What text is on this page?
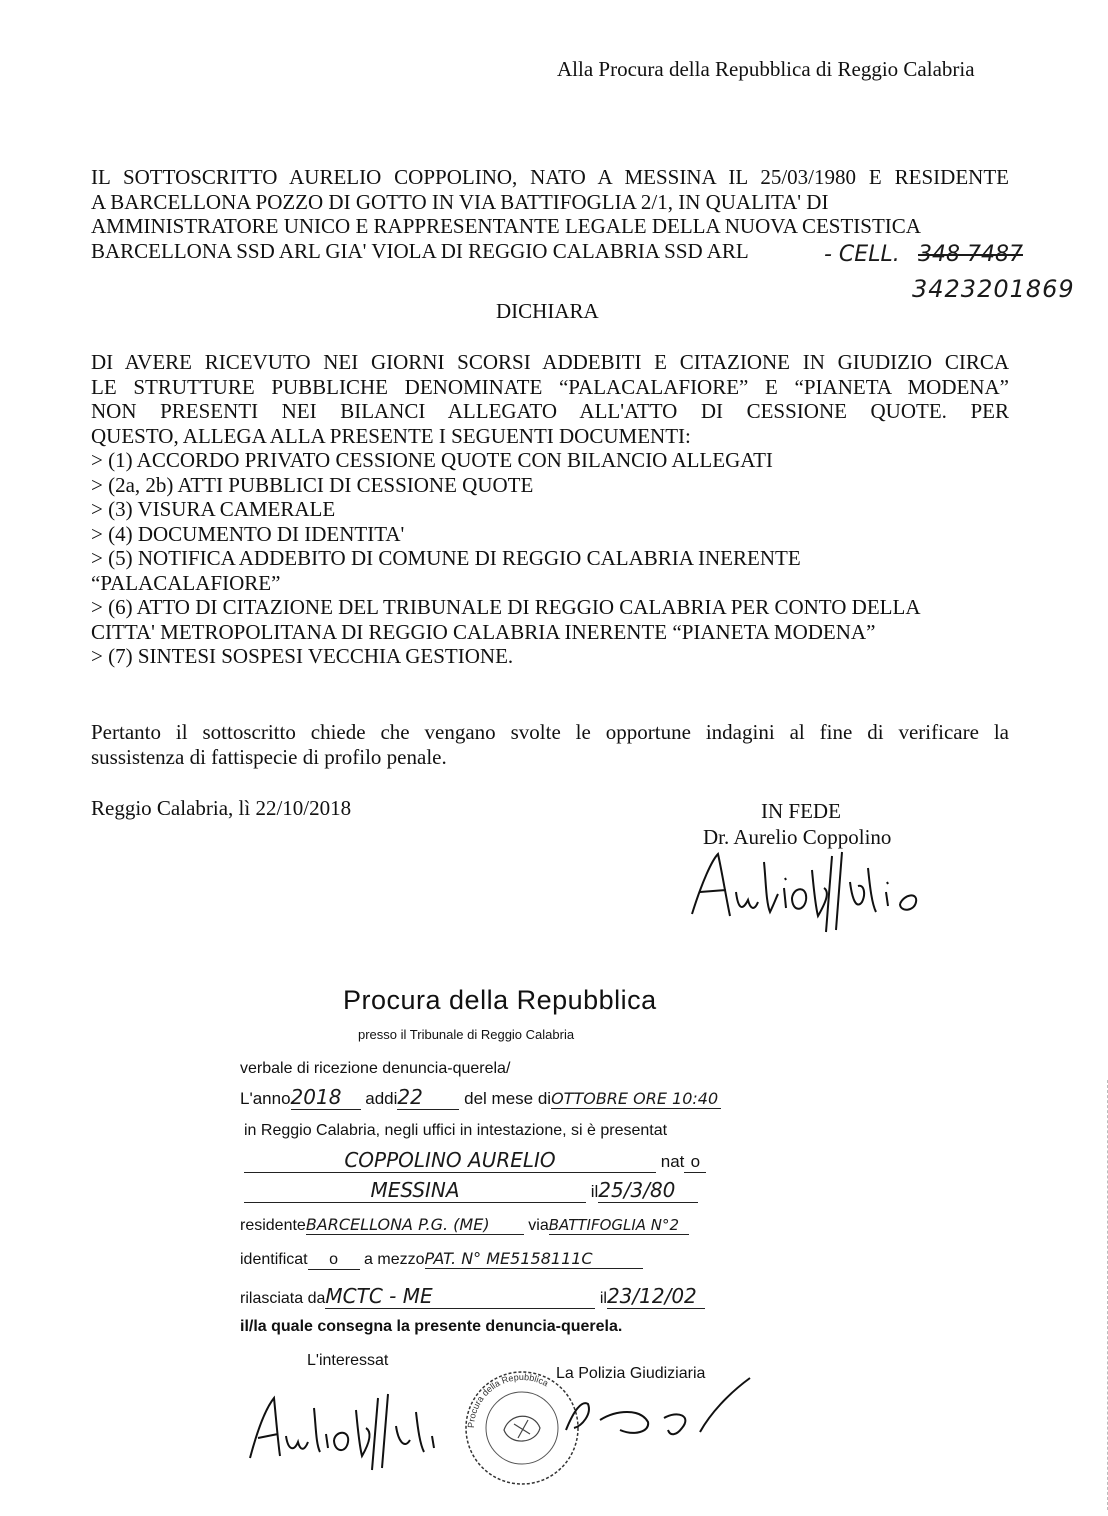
Alla Procura della Repubblica di Reggio Calabria
IL SOTTOSCRITTO AURELIO COPPOLINO, NATO A MESSINA IL 25/03/1980 E RESIDENTE
A BARCELLONA POZZO DI GOTTO IN VIA BATTIFOGLIA 2/1, IN QUALITA' DI
AMMINISTRATORE UNICO E RAPPRESENTANTE LEGALE DELLA NUOVA CESTISTICA
BARCELLONA SSD ARL GIA' VIOLA DI REGGIO CALABRIA SSD ARL	- CELL. 348 7487
3423201869
DICHIARA
DI AVERE RICEVUTO NEI GIORNI SCORSI ADDEBITI E CITAZIONE IN GIUDIZIO CIRCA
LE STRUTTURE PUBBLICHE DENOMINATE “PALACALAFIORE” E “PIANETA MODENA”
NON PRESENTI NEI BILANCI ALLEGATO ALL'ATTO DI CESSIONE QUOTE. PER
QUESTO, ALLEGA ALLA PRESENTE I SEGUENTI DOCUMENTI:
> (1) ACCORDO PRIVATO CESSIONE QUOTE CON BILANCIO ALLEGATI
> (2a, 2b) ATTI PUBBLICI DI CESSIONE QUOTE
> (3) VISURA CAMERALE
> (4) DOCUMENTO DI IDENTITA'
> (5) NOTIFICA ADDEBITO DI COMUNE DI REGGIO CALABRIA INERENTE
“PALACALAFIORE”
> (6) ATTO DI CITAZIONE DEL TRIBUNALE DI REGGIO CALABRIA PER CONTO DELLA
CITTA' METROPOLITANA DI REGGIO CALABRIA INERENTE “PIANETA MODENA”
> (7) SINTESI SOSPESI VECCHIA GESTIONE.
Pertanto il sottoscritto chiede che vengano svolte le opportune indagini al fine di verificare la
sussistenza di fattispecie di profilo penale.
Reggio Calabria, lì 22/10/2018	IN FEDE
Dr. Aurelio Coppolino
Procura della Repubblica
presso il Tribunale di Reggio Calabria
verbale di ricezione denuncia-querela/
L'anno2018 addi22 del mese diOTTOBRE ORE 10:40
in Reggio Calabria, negli uffici in intestazione, si è presentat
COPPOLINO AURELIO	nat o
MESSINA	il25/3/80
residenteBARCELLONA P.G. (ME) viaBATTIFOGLIA N°2
identificat o a mezzoPAT. N° ME5158111C
rilasciata daMCTC - ME	il23/12/02
il/la quale consegna la presente denuncia-querela.
L'interessat
La Polizia Giudiziaria
Procura della Repubblica
